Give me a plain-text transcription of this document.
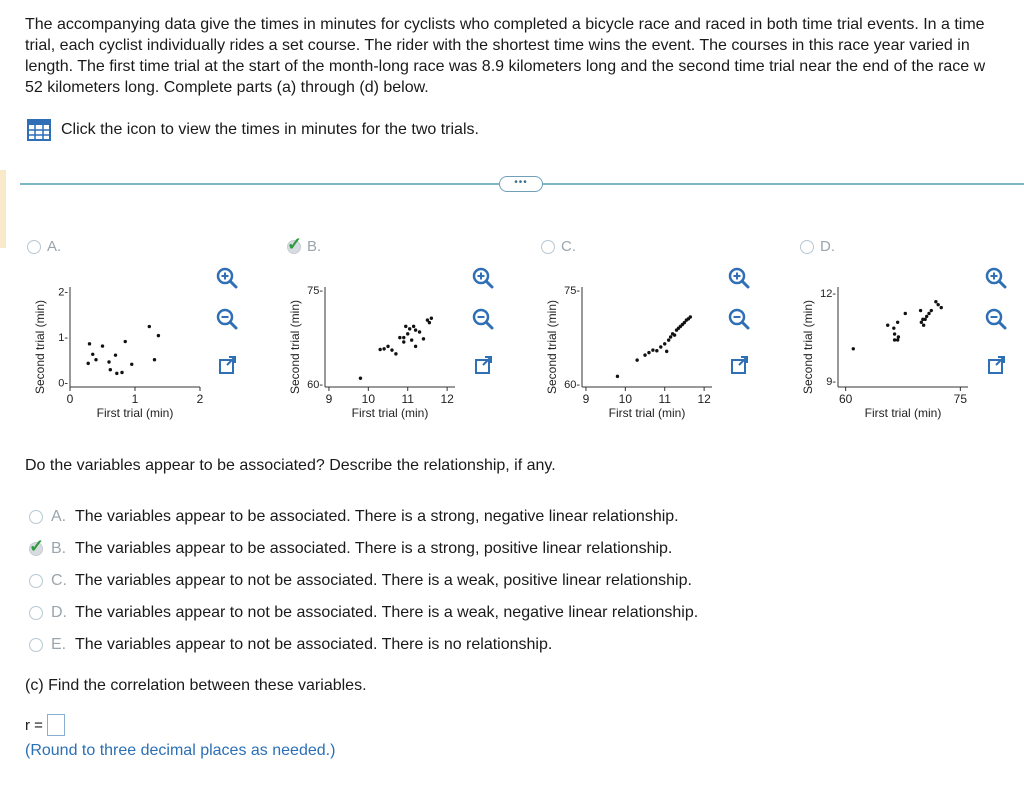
The accompanying data give the times in minutes for cyclists who completed a bicycle race and raced in both time trial events. In a time
trial, each cyclist individually rides a set course. The rider with the shortest time wins the event. The courses in this race year varied in
length. The first time trial at the start of the month-long race was 8.9 kilometers long and the second time trial near the end of the race w
52 kilometers long. Complete parts (a) through (d) below.
Click the icon to view the times in minutes for the two trials.
•••
A.	✓ B.	C.	D.
0	1	2
0-
1-
2-
First trial (min)
Second trial (min)
9 10 11 12
60-
75-
First trial (min)
Second trial (min)
9 10 11 12
60-
75-
First trial (min)
Second trial (min)
60	75
9-
12-
First trial (min)
Second trial (min)
Do the variables appear to be associated? Describe the relationship, if any.
A. The variables appear to be associated. There is a strong, negative linear relationship.
✓ B. The variables appear to be associated. There is a strong, positive linear relationship.
C. The variables appear to not be associated. There is a weak, positive linear relationship.
D. The variables appear to not be associated. There is a weak, negative linear relationship.
E. The variables appear to not be associated. There is no relationship.
(c) Find the correlation between these variables.
r =
(Round to three decimal places as needed.)
